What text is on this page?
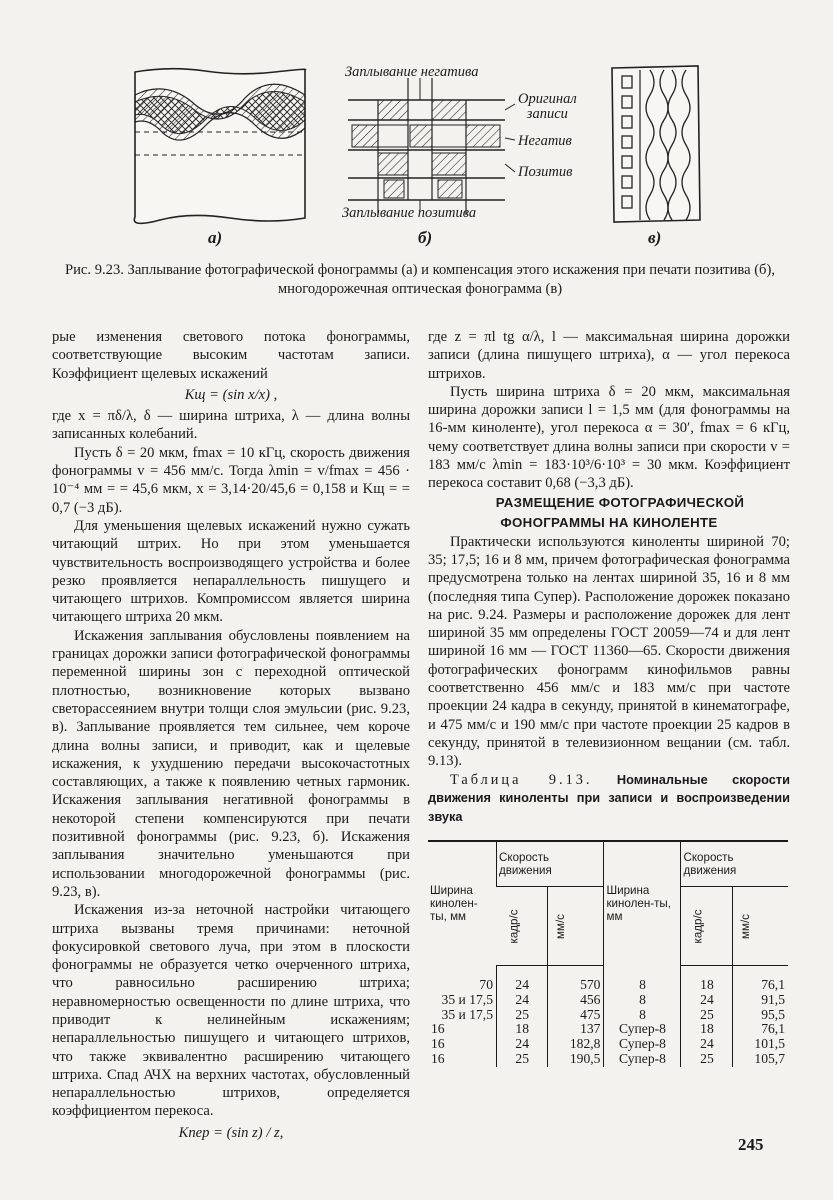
Заплывание негатива
Оригинал
записи
Негатив
Позитив
Заплывание позитива
а)	б)	в)
Рис. 9.23. Заплывание фотографической фонограммы (а) и компенсация этого искажения при печати позитива (б), многодорожечная оптическая фонограмма (в)

рые изменения светового потока фонограммы, соответствующие высоким частотам записи. Коэффициент щелевых искажений

Kщ = (sin x/x) ,

где x = πδ/λ, δ — ширина штриха, λ — длина волны записанных колебаний.

Пусть δ = 20 мкм, fmax = 10 кГц, скорость движения фонограммы v = 456 мм/с. Тогда λmin = v/fmax = 456 · 10⁻⁴ мм = = 45,6 мкм, x = 3,14·20/45,6 = 0,158 и Kщ = = 0,7 (−3 дБ).

Для уменьшения щелевых искажений нужно сужать читающий штрих. Но при этом уменьшается чувствительность воспроизводящего устройства и более резко проявляется непараллельность пишущего и читающего штрихов. Компромиссом является ширина читающего штриха 20 мкм.

Искажения заплывания обусловлены появлением на границах дорожки записи фотографической фонограммы переменной ширины зон с переходной оптической плотностью, возникновение которых вызвано светорассеянием внутри толщи слоя эмульсии (рис. 9.23, в). Заплывание проявляется тем сильнее, чем короче длина волны записи, и приводит, как и щелевые искажения, к ухудшению передачи высокочастотных составляющих, а также к появлению четных гармоник. Искажения заплывания негативной фонограммы в некоторой степени компенсируются при печати позитивной фонограммы (рис. 9.23, б). Искажения заплывания значительно уменьшаются при использовании многодорожечной фонограммы (рис. 9.23, в).

Искажения из-за неточной настройки читающего штриха вызваны тремя причинами: неточной фокусировкой светового луча, при этом в плоскости фонограммы не образуется четко очерченного штриха, что равносильно расширению штриха; неравномерностью освещенности по длине штриха, что приводит к нелинейным искажениям; непараллельностью пишущего и читающего штрихов, что также эквивалентно расширению читающего штриха. Спад АЧХ на верхних частотах, обусловленный непараллельностью штрихов, определяется коэффициентом перекоса.

Kпер = (sin z) / z,

где z = πl tg α/λ, l — максимальная ширина дорожки записи (длина пишущего штриха), α — угол перекоса штрихов.

Пусть ширина штриха δ = 20 мкм, максимальная ширина дорожки записи l = 1,5 мм (для фонограммы на 16-мм киноленте), угол перекоса α = 30′, fmax = 6 кГц, чему соответствует длина волны записи при скорости v = 183 мм/с λmin = 183·10³/6·10³ = 30 мкм. Коэффициент перекоса составит 0,68 (−3,3 дБ).

РАЗМЕЩЕНИЕ ФОТОГРАФИЧЕСКОЙ ФОНОГРАММЫ НА КИНОЛЕНТЕ

Практически используются киноленты шириной 70; 35; 17,5; 16 и 8 мм, причем фотографическая фонограмма предусмотрена только на лентах шириной 35, 16 и 8 мм (последняя типа Супер). Расположение дорожек показано на рис. 9.24. Размеры и расположение дорожек для лент шириной 35 мм определены ГОСТ 20059—74 и для лент шириной 16 мм — ГОСТ 11360—65. Скорости движения фотографических фонограмм кинофильмов равны соответственно 456 мм/с и 183 мм/с при частоте проекции 24 кадра в секунду, принятой в кинематографе, и 475 мм/с и 190 мм/с при частоте проекции 25 кадров в секунду, принятой в телевизионном вещании (см. табл. 9.13).

Таблица 9.13. Номинальные скорости движения киноленты при записи и воспроизведении звука

Ширина кинолен-ты, мм	Скорость движения		Ширина кинолен-ты, мм	Скорость движения	
	кадр/с	мм/с		кадр/с	мм/с
70	24	570	8	18	76,1
35 и 17,5	24	456	8	24	91,5
35 и 17,5	25	475	8	25	95,5
16	18	137	Супер-8	18	76,1
16	24	182,8	Супер-8	24	101,5
16	25	190,5	Супер-8	25	105,7
245
